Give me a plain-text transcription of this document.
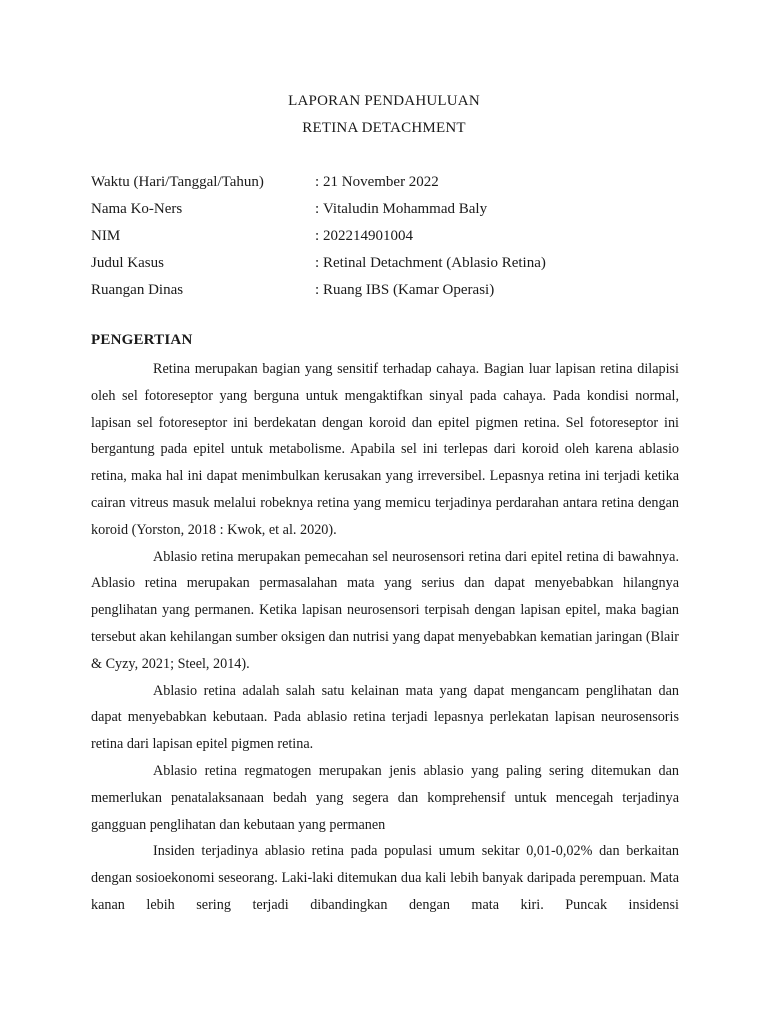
LAPORAN PENDAHULUAN
RETINA DETACHMENT
Waktu (Hari/Tanggal/Tahun)	: 21 November 2022
Nama Ko-Ners	: Vitaludin Mohammad Baly
NIM	: 202214901004
Judul Kasus	: Retinal Detachment (Ablasio Retina)
Ruangan Dinas	: Ruang IBS (Kamar Operasi)
PENGERTIAN

Retina merupakan bagian yang sensitif terhadap cahaya. Bagian luar lapisan retina dilapisi oleh sel fotoreseptor yang berguna untuk mengaktifkan sinyal pada cahaya. Pada kondisi normal, lapisan sel fotoreseptor ini berdekatan dengan koroid dan epitel pigmen retina. Sel fotoreseptor ini bergantung pada epitel untuk metabolisme. Apabila sel ini terlepas dari koroid oleh karena ablasio retina, maka hal ini dapat menimbulkan kerusakan yang irreversibel. Lepasnya retina ini terjadi ketika cairan vitreus masuk melalui robeknya retina yang memicu terjadinya perdarahan antara retina dengan koroid (Yorston, 2018 : Kwok, et al. 2020).

Ablasio retina merupakan pemecahan sel neurosensori retina dari epitel retina di bawahnya. Ablasio retina merupakan permasalahan mata yang serius dan dapat menyebabkan hilangnya penglihatan yang permanen. Ketika lapisan neurosensori terpisah dengan lapisan epitel, maka bagian tersebut akan kehilangan sumber oksigen dan nutrisi yang dapat menyebabkan kematian jaringan (Blair & Cyzy, 2021; Steel, 2014).

Ablasio retina adalah salah satu kelainan mata yang dapat mengancam penglihatan dan dapat menyebabkan kebutaan. Pada ablasio retina terjadi lepasnya perlekatan lapisan neurosensoris retina dari lapisan epitel pigmen retina.

Ablasio retina regmatogen merupakan jenis ablasio yang paling sering ditemukan dan memerlukan penatalaksanaan bedah yang segera dan komprehensif untuk mencegah terjadinya gangguan penglihatan dan kebutaan yang permanen

Insiden terjadinya ablasio retina pada populasi umum sekitar 0,01-0,02% dan berkaitan dengan sosioekonomi seseorang. Laki-laki ditemukan dua kali lebih banyak daripada perempuan. Mata kanan lebih sering terjadi dibandingkan dengan mata kiri. Puncak insidensi
